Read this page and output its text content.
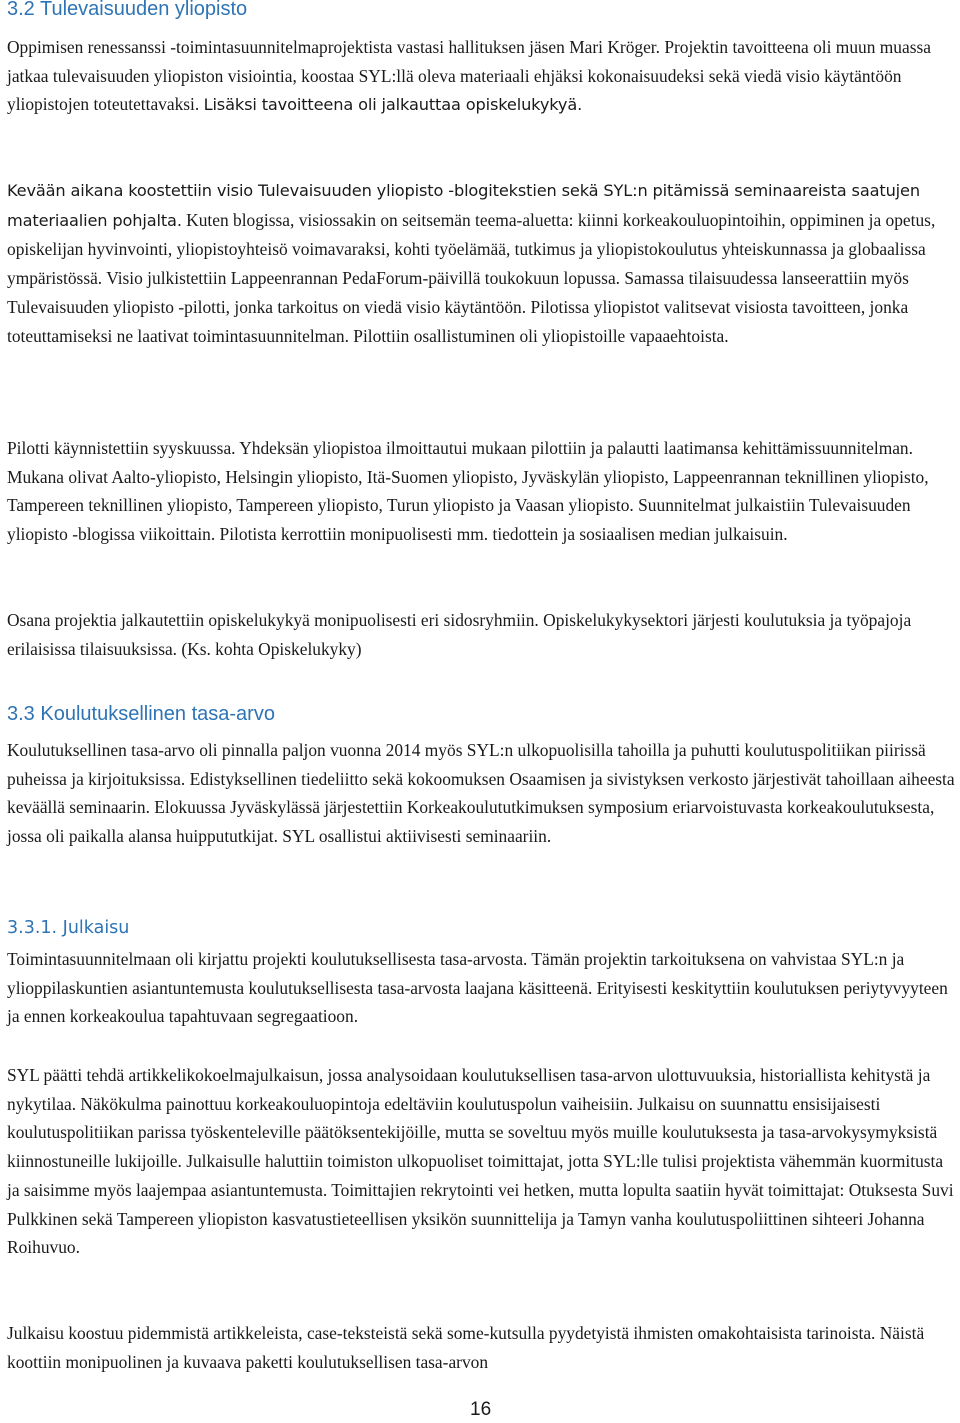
3.2 Tulevaisuuden yliopisto

Oppimisen renessanssi -toimintasuunnitelmaprojektista vastasi hallituksen jäsen Mari Kröger. Projektin tavoitteena oli muun muassa jatkaa tulevaisuuden yliopiston visiointia, koostaa SYL:llä oleva materiaali ehjäksi kokonaisuudeksi sekä viedä visio käytäntöön yliopistojen toteutettavaksi. Lisäksi tavoitteena oli jalkauttaa opiskelukykyä.

Kevään aikana koostettiin visio Tulevaisuuden yliopisto -blogitekstien sekä SYL:n pitämissä seminaareista saatujen materiaalien pohjalta. Kuten blogissa, visiossakin on seitsemän teema-aluetta: kiinni korkeakouluopintoihin, oppiminen ja opetus, opiskelijan hyvinvointi, yliopistoyhteisö voimavaraksi, kohti työelämää, tutkimus ja yliopistokoulutus yhteiskunnassa ja globaalissa ympäristössä. Visio julkistettiin Lappeenrannan PedaForum-päivillä toukokuun lopussa. Samassa tilaisuudessa lanseerattiin myös Tulevaisuuden yliopisto -pilotti, jonka tarkoitus on viedä visio käytäntöön. Pilotissa yliopistot valitsevat visiosta tavoitteen, jonka toteuttamiseksi ne laativat toimintasuunnitelman. Pilottiin osallistuminen oli yliopistoille vapaaehtoista.

Pilotti käynnistettiin syyskuussa. Yhdeksän yliopistoa ilmoittautui mukaan pilottiin ja palautti laatimansa kehittämissuunnitelman. Mukana olivat Aalto-yliopisto, Helsingin yliopisto, Itä-Suomen yliopisto, Jyväskylän yliopisto, Lappeenrannan teknillinen yliopisto, Tampereen teknillinen yliopisto, Tampereen yliopisto, Turun yliopisto ja Vaasan yliopisto. Suunnitelmat julkaistiin Tulevaisuuden yliopisto -blogissa viikoittain. Pilotista kerrottiin monipuolisesti mm. tiedottein ja sosiaalisen median julkaisuin.

Osana projektia jalkautettiin opiskelukykyä monipuolisesti eri sidosryhmiin. Opiskelukykysektori järjesti koulutuksia ja työpajoja erilaisissa tilaisuuksissa. (Ks. kohta Opiskelukyky)

3.3 Koulutuksellinen tasa-arvo

Koulutuksellinen tasa-arvo oli pinnalla paljon vuonna 2014 myös SYL:n ulkopuolisilla tahoilla ja puhutti koulutuspolitiikan piirissä puheissa ja kirjoituksissa. Edistyksellinen tiedeliitto sekä kokoomuksen Osaamisen ja sivistyksen verkosto järjestivät tahoillaan aiheesta keväällä seminaarin. Elokuussa Jyväskylässä järjestettiin Korkeakoulututkimuksen symposium eriarvoistuvasta korkeakoulutuksesta, jossa oli paikalla alansa huippututkijat. SYL osallistui aktiivisesti seminaariin.

3.3.1. Julkaisu

Toimintasuunnitelmaan oli kirjattu projekti koulutuksellisesta tasa-arvosta. Tämän projektin tarkoituksena on vahvistaa SYL:n ja ylioppilaskuntien asiantuntemusta koulutuksellisesta tasa-arvosta laajana käsitteenä. Erityisesti keskityttiin koulutuksen periytyvyyteen ja ennen korkeakoulua tapahtuvaan segregaatioon.

SYL päätti tehdä artikkelikokoelmajulkaisun, jossa analysoidaan koulutuksellisen tasa-arvon ulottuvuuksia, historiallista kehitystä ja nykytilaa. Näkökulma painottuu korkeakouluopintoja edeltäviin koulutuspolun vaiheisiin. Julkaisu on suunnattu ensisijaisesti koulutuspolitiikan parissa työskenteleville päätöksentekijöille, mutta se soveltuu myös muille koulutuksesta ja tasa-arvokysymyksistä kiinnostuneille lukijoille. Julkaisulle haluttiin toimiston ulkopuoliset toimittajat, jotta SYL:lle tulisi projektista vähemmän kuormitusta ja saisimme myös laajempaa asiantuntemusta. Toimittajien rekrytointi vei hetken, mutta lopulta saatiin hyvät toimittajat: Otuksesta Suvi Pulkkinen sekä Tampereen yliopiston kasvatustieteellisen yksikön suunnittelija ja Tamyn vanha koulutuspoliittinen sihteeri Johanna Roihuvuo.

Julkaisu koostuu pidemmistä artikkeleista, case-teksteistä sekä some-kutsulla pyydetyistä ihmisten omakohtaisista tarinoista. Näistä koottiin monipuolinen ja kuvaava paketti koulutuksellisen tasa-arvon

16
